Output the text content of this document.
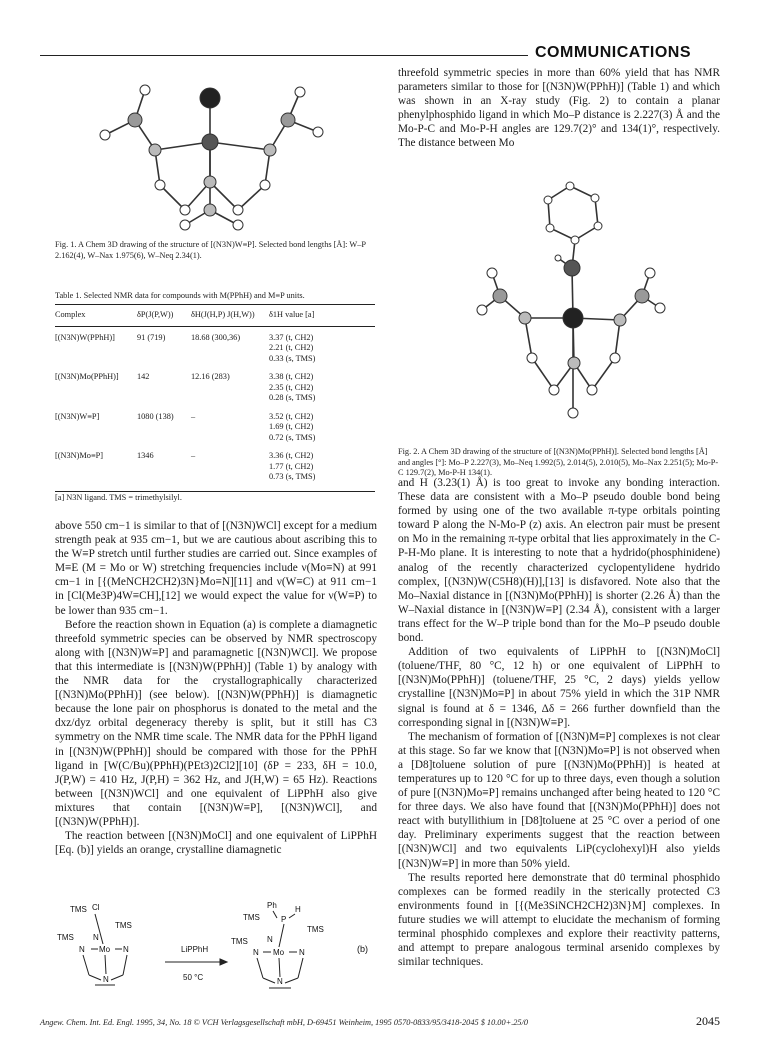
COMMUNICATIONS
Fig. 1. A Chem 3D drawing of the structure of [(N3N)W≡P]. Selected bond lengths [Å]: W–P 2.162(4), W–Nax 1.975(6), W–Neq 2.34(1).
Table 1. Selected NMR data for compounds with M(PPhH) and M≡P units.
Complex	δP(J(P,W))	δH(J(H,P) J(H,W))	δ1H value [a]

[(N3N)W(PPhH)]	91 (719)	18.68 (300,36)	3.37 (t, CH2)
2.21 (t, CH2)
0.33 (s, TMS)

[(N3N)Mo(PPhH)]	142	12.16 (283)	3.38 (t, CH2)
2.35 (t, CH2)
0.28 (s, TMS)

[(N3N)W≡P]	1080 (138)	–	3.52 (t, CH2)
1.69 (t, CH2)
0.72 (s, TMS)

[(N3N)Mo≡P]	1346	–	3.36 (t, CH2)
1.77 (t, CH2)
0.73 (s, TMS)
[a] N3N ligand. TMS = trimethylsilyl.

above 550 cm−1 is similar to that of [(N3N)WCl] except for a medium strength peak at 935 cm−1, but we are cautious about ascribing this to the W≡P stretch until further studies are carried out. Since examples of M≡E (M = Mo or W) stretching frequencies include ν(Mo≡N) at 991 cm−1 in [{(MeNCH2CH2)3N}Mo≡N][11] and ν(W≡C) at 911 cm−1 in [Cl(Me3P)4W≡CH],[12] we would expect the value for ν(W≡P) to be lower than 935 cm−1.

Before the reaction shown in Equation (a) is complete a diamagnetic threefold symmetric species can be observed by NMR spectroscopy along with [(N3N)W≡P] and paramagnetic [(N3N)WCl]. We propose that this intermediate is [(N3N)W(PPhH)] (Table 1) by analogy with the NMR data for the crystallographically characterized [(N3N)Mo(PPhH)] (see below). [(N3N)W(PPhH)] is diamagnetic because the lone pair on phosphorus is donated to the metal and the dxz/dyz orbital degeneracy thereby is split, but it still has C3 symmetry on the NMR time scale. The NMR data for the PPhH ligand in [(N3N)W(PPhH)] should be compared with those for the PPhH ligand in [W(C/Bu)(PPhH)(PEt3)2Cl2][10] (δP = 233, δH = 10.0, J(P,W) = 410 Hz, J(P,H) = 362 Hz, and J(H,W) = 65 Hz). Reactions between [(N3N)WCl] and one equivalent of LiPPhH also give mixtures that contain [(N3N)W≡P], [(N3N)WCl], and [(N3N)W(PPhH)].

The reaction between [(N3N)MoCl] and one equivalent of LiPPhH [Eq. (b)] yields an orange, crystalline diamagnetic

TMS Cl
TMS
TMS
N
N
Mo N
N
LiPPhH
50 °C
Ph H
P
TMS
TMS
TMS
N
N
Mo N
N
(b)

threefold symmetric species in more than 60% yield that has NMR parameters similar to those for [(N3N)W(PPhH)] (Table 1) and which was shown in an X-ray study (Fig. 2) to contain a planar phenylphosphido ligand in which Mo–P distance is 2.227(3) Å and the Mo-P-C and Mo-P-H angles are 129.7(2)° and 134(1)°, respectively. The distance between Mo

Fig. 2. A Chem 3D drawing of the structure of [(N3N)Mo(PPhH)]. Selected bond lengths [Å] and angles [°]: Mo–P 2.227(3), Mo–Neq 1.992(5), 2.014(5), 2.010(5), Mo–Nax 2.251(5); Mo-P-C 129.7(2), Mo-P-H 134(1).

and H (3.23(1) Å) is too great to invoke any bonding interaction. These data are consistent with a Mo–P pseudo double bond being formed by using one of the two available π-type orbitals pointing toward P along the N-Mo-P (z) axis. An electron pair must be present on Mo in the remaining π-type orbital that lies approximately in the C-P-H-Mo plane. It is interesting to note that a hydrido(phosphinidene) analog of the recently characterized cyclopentylidene hydrido complex, [(N3N)W(C5H8)(H)],[13] is disfavored. Note also that the Mo–Naxial distance in [(N3N)Mo(PPhH)] is shorter (2.26 Å) than the W–Naxial distance in [(N3N)W≡P] (2.34 Å), consistent with a larger trans effect for the W–P triple bond than for the Mo–P pseudo double bond.

Addition of two equivalents of LiPPhH to [(N3N)MoCl] (toluene/THF, 80 °C, 12 h) or one equivalent of LiPPhH to [(N3N)Mo(PPhH)] (toluene/THF, 25 °C, 2 days) yields yellow crystalline [(N3N)Mo≡P] in about 75% yield in which the 31P NMR signal is found at δ = 1346, Δδ = 266 further downfield than the corresponding signal in [(N3N)W≡P].

The mechanism of formation of [(N3N)M≡P] complexes is not clear at this stage. So far we know that [(N3N)Mo≡P] is not observed when a [D8]toluene solution of pure [(N3N)Mo(PPhH)] is heated at temperatures up to 120 °C for up to three days, even though a solution of pure [(N3N)Mo≡P] remains unchanged after being heated to 120 °C for three days. We also have found that [(N3N)Mo(PPhH)] does not react with butyllithium in [D8]toluene at 25 °C over a period of one day. Preliminary experiments suggest that the reaction between [(N3N)WCl] and two equivalents LiP(cyclohexyl)H also yields [(N3N)W≡P] in more than 50% yield.

The results reported here demonstrate that d0 terminal phosphido complexes can be formed readily in the sterically protected C3 environments found in [{(Me3SiNCH2CH2)3N}M] complexes. In future studies we will attempt to elucidate the mechanism of forming terminal phosphido complexes and explore their reactivity patterns, and attempt to prepare analogous terminal arsenido complexes by similar techniques.

Angew. Chem. Int. Ed. Engl. 1995, 34, No. 18 © VCH Verlagsgesellschaft mbH, D-69451 Weinheim, 1995 0570-0833/95/3418-2045 $ 10.00+.25/0	2045
